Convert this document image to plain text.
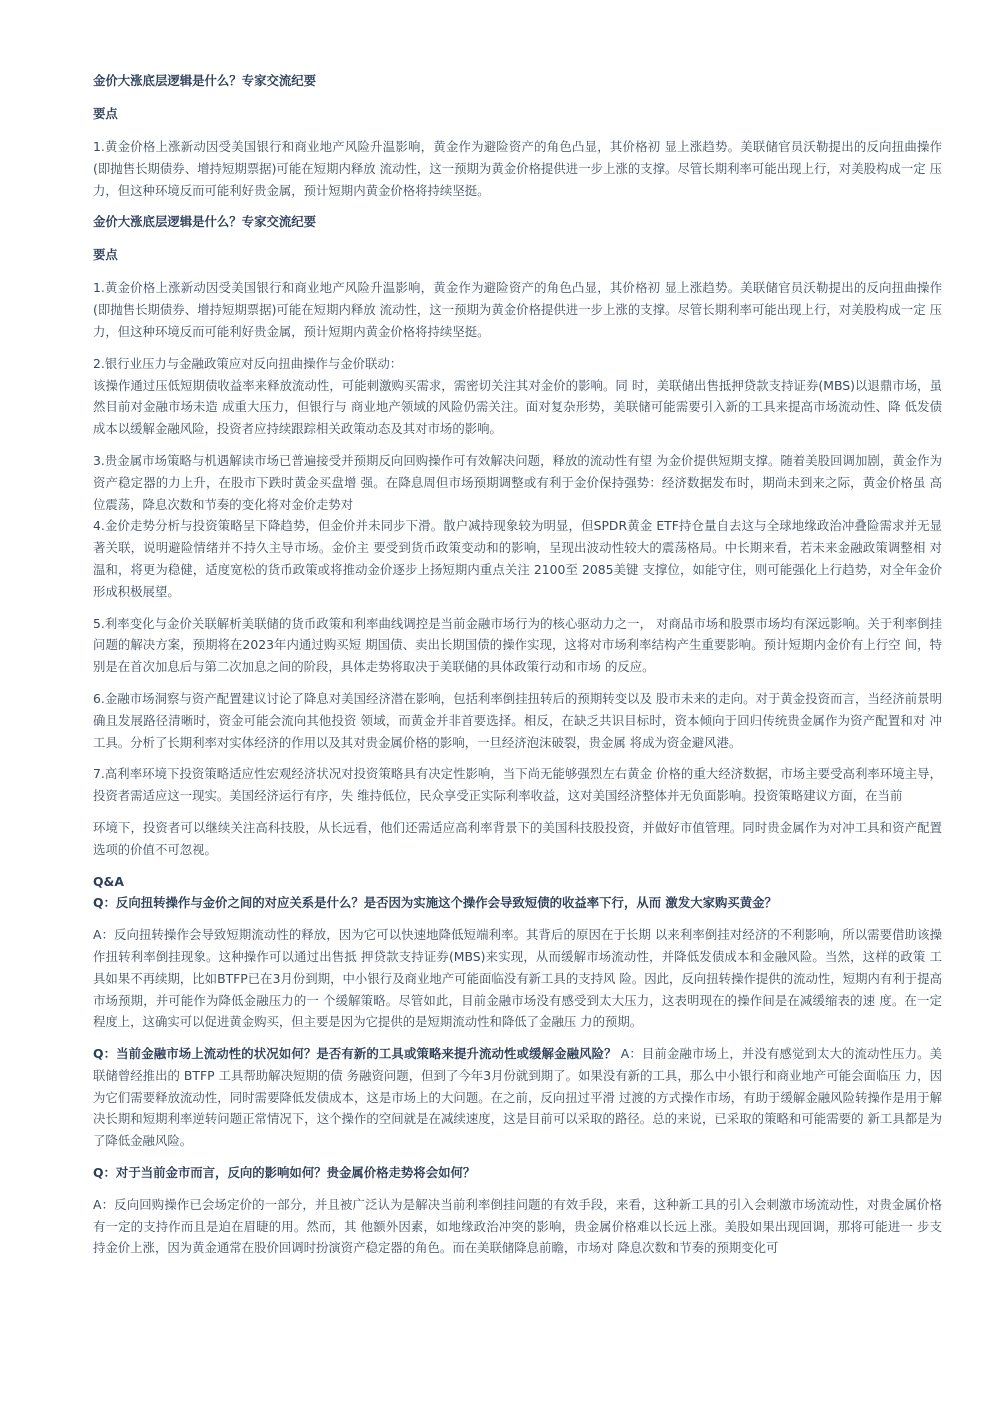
金价大涨底层逻辑是什么？专家交流纪要

要点

1.黄金价格上涨新动因受美国银行和商业地产风险升温影响，黄金作为避险资产的角色凸显，其价格初 显上涨趋势。美联储官员沃勒提出的反向扭曲操作(即抛售长期债券、增持短期票据)可能在短期内释放 流动性，这一预期为黄金价格提供进一步上涨的支撑。尽管长期利率可能出现上行，对美股构成一定 压力，但这种环境反而可能利好贵金属，预计短期内黄金价格将持续坚挺。

金价大涨底层逻辑是什么？专家交流纪要

要点

1.黄金价格上涨新动因受美国银行和商业地产风险升温影响，黄金作为避险资产的角色凸显，其价格初 显上涨趋势。美联储官员沃勒提出的反向扭曲操作(即抛售长期债券、增持短期票据)可能在短期内释放 流动性，这一预期为黄金价格提供进一步上涨的支撑。尽管长期利率可能出现上行，对美股构成一定 压力，但这种环境反而可能利好贵金属，预计短期内黄金价格将持续坚挺。

2.银行业压力与金融政策应对反向扭曲操作与金价联动：
该操作通过压低短期债收益率来释放流动性，可能刺激购买需求，需密切关注其对金价的影响。同 时，美联储出售抵押贷款支持证券(MBS)以退鼎市场，虽然目前对金融市场未造 成重大压力，但银行与 商业地产领域的风险仍需关注。面对复杂形势，美联储可能需要引入新的工具来提高市场流动性、降 低发债成本以缓解金融风险，投资者应持续跟踪相关政策动态及其对市场的影响。

3.贵金属市场策略与机遇解读市场已普遍接受并预期反向回购操作可有效解决问题，释放的流动性有望 为金价提供短期支撑。随着美股回调加剧，黄金作为资产稳定器的力上升，在股市下跌时黄金买盘增 强。在降息周但市场预期调整或有利于金价保持强势：经济数据发布时，期尚未到来之际，黄金价格虽 高位震荡，降息次数和节奏的变化将对金价走势对

4.金价走势分析与投资策略呈下降趋势，但金价并未同步下滑。散户减持现象较为明显，但SPDR黄金 ETF持仓量自去这与全球地缘政治冲叠险需求并无显著关联，说明避险情绪并不持久主导市场。金价主 要受到货币政策变动和的影响，呈现出波动性较大的震荡格局。中长期来看，若未来金融政策调整相 对温和，将更为稳健，适度宽松的货币政策或将推动金价逐步上扬短期内重点关注 2100至 2085美键 支撑位，如能守住，则可能强化上行趋势，对全年金价形成积极展望。

5.利率变化与金价关联解析美联储的货币政策和利率曲线调控是当前金融市场行为的核心驱动力之一， 对商品市场和股票市场均有深远影响。关于利率倒挂问题的解决方案，预期将在2023年内通过购买短 期国债、卖出长期国债的操作实现，这将对市场利率结构产生重要影响。预计短期内金价有上行空 间，特别是在首次加息后与第二次加息之间的阶段，具体走势将取决于美联储的具体政策行动和市场 的反应。

6.金融市场洞察与资产配置建议讨论了降息对美国经济潜在影响，包括利率倒挂扭转后的预期转变以及 股市未来的走向。对于黄金投资而言，当经济前景明确且发展路径清晰时，资金可能会流向其他投资 领域，而黄金并非首要选择。相反，在缺乏共识目标时，资本倾向于回归传统贵金属作为资产配置和对 冲工具。分析了长期利率对实体经济的作用以及其对贵金属价格的影响，一旦经济泡沫破裂，贵金属 将成为资金避风港。

7.高利率环境下投资策略适应性宏观经济状况对投资策略具有决定性影响，当下尚无能够强烈左右黄金 价格的重大经济数据，市场主要受高利率环境主导，投资者需适应这一现实。美国经济运行有序，失 维持低位，民众享受正实际利率收益，这对美国经济整体并无负面影响。投资策略建议方面，在当前

环境下，投资者可以继续关注高科技股，从长远看，他们还需适应高利率背景下的美国科技股投资，并做好市值管理。同时贵金属作为对冲工具和资产配置选项的价值不可忽视。

Q&A

Q：反向扭转操作与金价之间的对应关系是什么？是否因为实施这个操作会导致短债的收益率下行，从而 激发大家购买黄金？

A：反向扭转操作会导致短期流动性的释放，因为它可以快速地降低短端利率。其背后的原因在于长期 以来利率倒挂对经济的不利影响，所以需要借助该操作扭转利率倒挂现象。这种操作可以通过出售抵 押贷款支持证券(MBS)来实现，从而缓解市场流动性，并降低发债成本和金融风险。当然，这样的政策 工具如果不再续期，比如BTFP已在3月份到期，中小银行及商业地产可能面临没有新工具的支持风 险。因此，反向扭转操作提供的流动性，短期内有利于提高市场预期，并可能作为降低金融压力的一 个缓解策略。尽管如此，目前金融市场没有感受到太大压力，这表明现在的操作间是在减缓缩表的速 度。在一定程度上，这确实可以促进黄金购买，但主要是因为它提供的是短期流动性和降低了金融压 力的预期。

Q：当前金融市场上流动性的状况如何？是否有新的工具或策略来提升流动性或缓解金融风险？ A：目前金融市场上，并没有感觉到太大的流动性压力。美联储曾经推出的 BTFP 工具帮助解决短期的债 务融资问题，但到了今年3月份就到期了。如果没有新的工具，那么中小银行和商业地产可能会面临压 力，因为它们需要释放流动性，同时需要降低发债成本，这是市场上的大问题。在之前，反向扭过平滑 过渡的方式操作市场，有助于缓解金融风险转操作是用于解决长期和短期利率逆转问题正常情况下，这个操作的空间就是在减续速度，这是目前可以采取的路径。总的来说，已采取的策略和可能需要的 新工具都是为了降低金融风险。

Q：对于当前金市而言，反向的影响如何？贵金属价格走势将会如何？

A：反向回购操作已会场定价的一部分，并且被广泛认为是解决当前利率倒挂问题的有效手段，来看，这种新工具的引入会刺激市场流动性，对贵金属价格有一定的支持作而且是迫在眉睫的用。然而，其 他额外因素，如地缘政治冲突的影响，贵金属价格难以长远上涨。美股如果出现回调，那将可能进一 步支持金价上涨，因为黄金通常在股价回调时扮演资产稳定器的角色。而在美联储降息前瞻，市场对 降息次数和节奏的预期变化可
